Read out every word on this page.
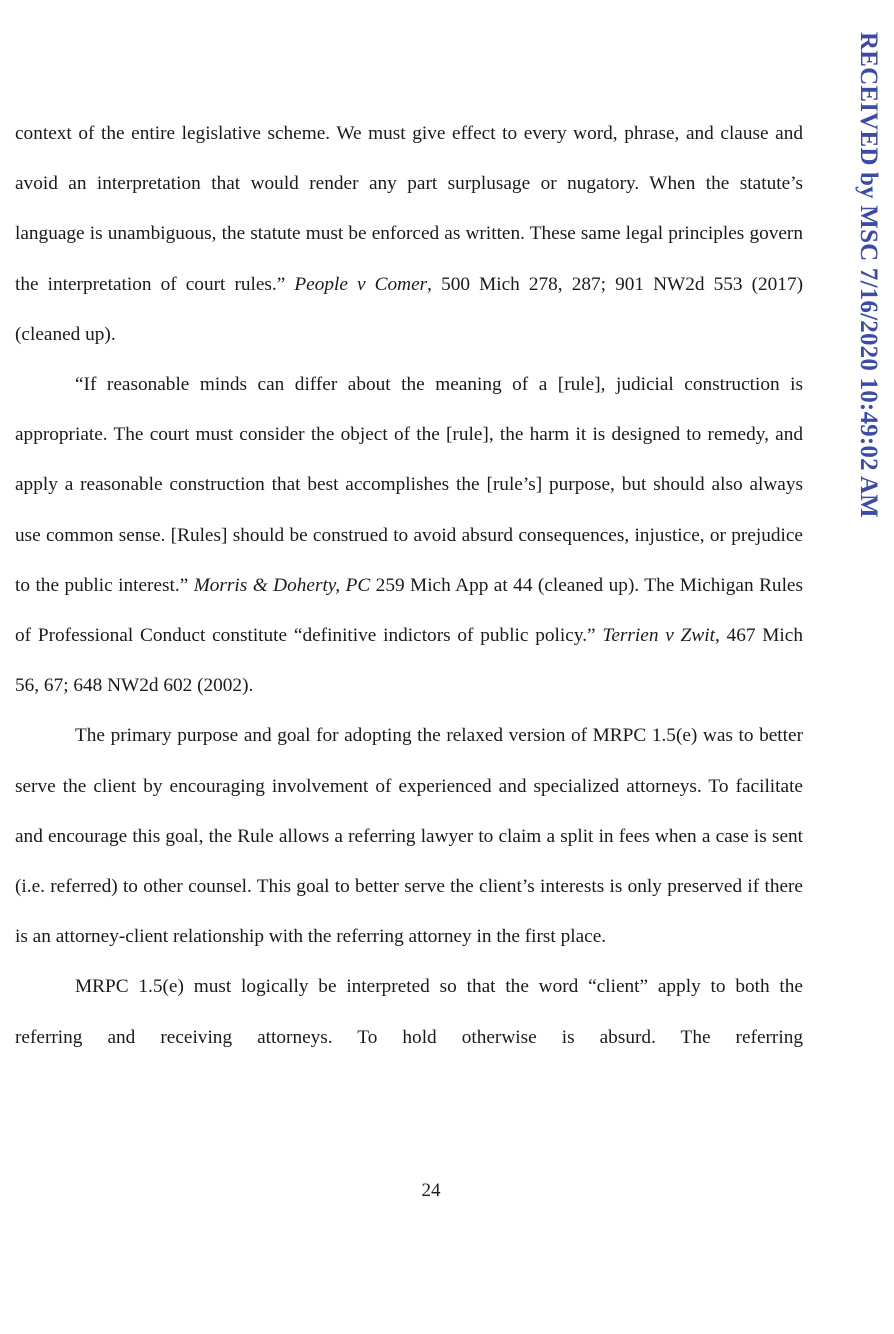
RECEIVED by MSC 7/16/2020 10:49:02 AM

context of the entire legislative scheme. We must give effect to every word, phrase, and clause and avoid an interpretation that would render any part surplusage or nugatory. When the statute’s language is unambiguous, the statute must be enforced as written. These same legal principles govern the interpretation of court rules.” People v Comer, 500 Mich 278, 287; 901 NW2d 553 (2017) (cleaned up).

“If reasonable minds can differ about the meaning of a [rule], judicial construction is appropriate. The court must consider the object of the [rule], the harm it is designed to remedy, and apply a reasonable construction that best accomplishes the [rule’s] purpose, but should also always use common sense. [Rules] should be construed to avoid absurd consequences, injustice, or prejudice to the public interest.” Morris & Doherty, PC 259 Mich App at 44 (cleaned up). The Michigan Rules of Professional Conduct constitute “definitive indictors of public policy.” Terrien v Zwit, 467 Mich 56, 67; 648 NW2d 602 (2002).

The primary purpose and goal for adopting the relaxed version of MRPC 1.5(e) was to better serve the client by encouraging involvement of experienced and specialized attorneys. To facilitate and encourage this goal, the Rule allows a referring lawyer to claim a split in fees when a case is sent (i.e. referred) to other counsel. This goal to better serve the client’s interests is only preserved if there is an attorney-client relationship with the referring attorney in the first place.

MRPC 1.5(e) must logically be interpreted so that the word “client” apply to both the referring and receiving attorneys. To hold otherwise is absurd. The referring

24
